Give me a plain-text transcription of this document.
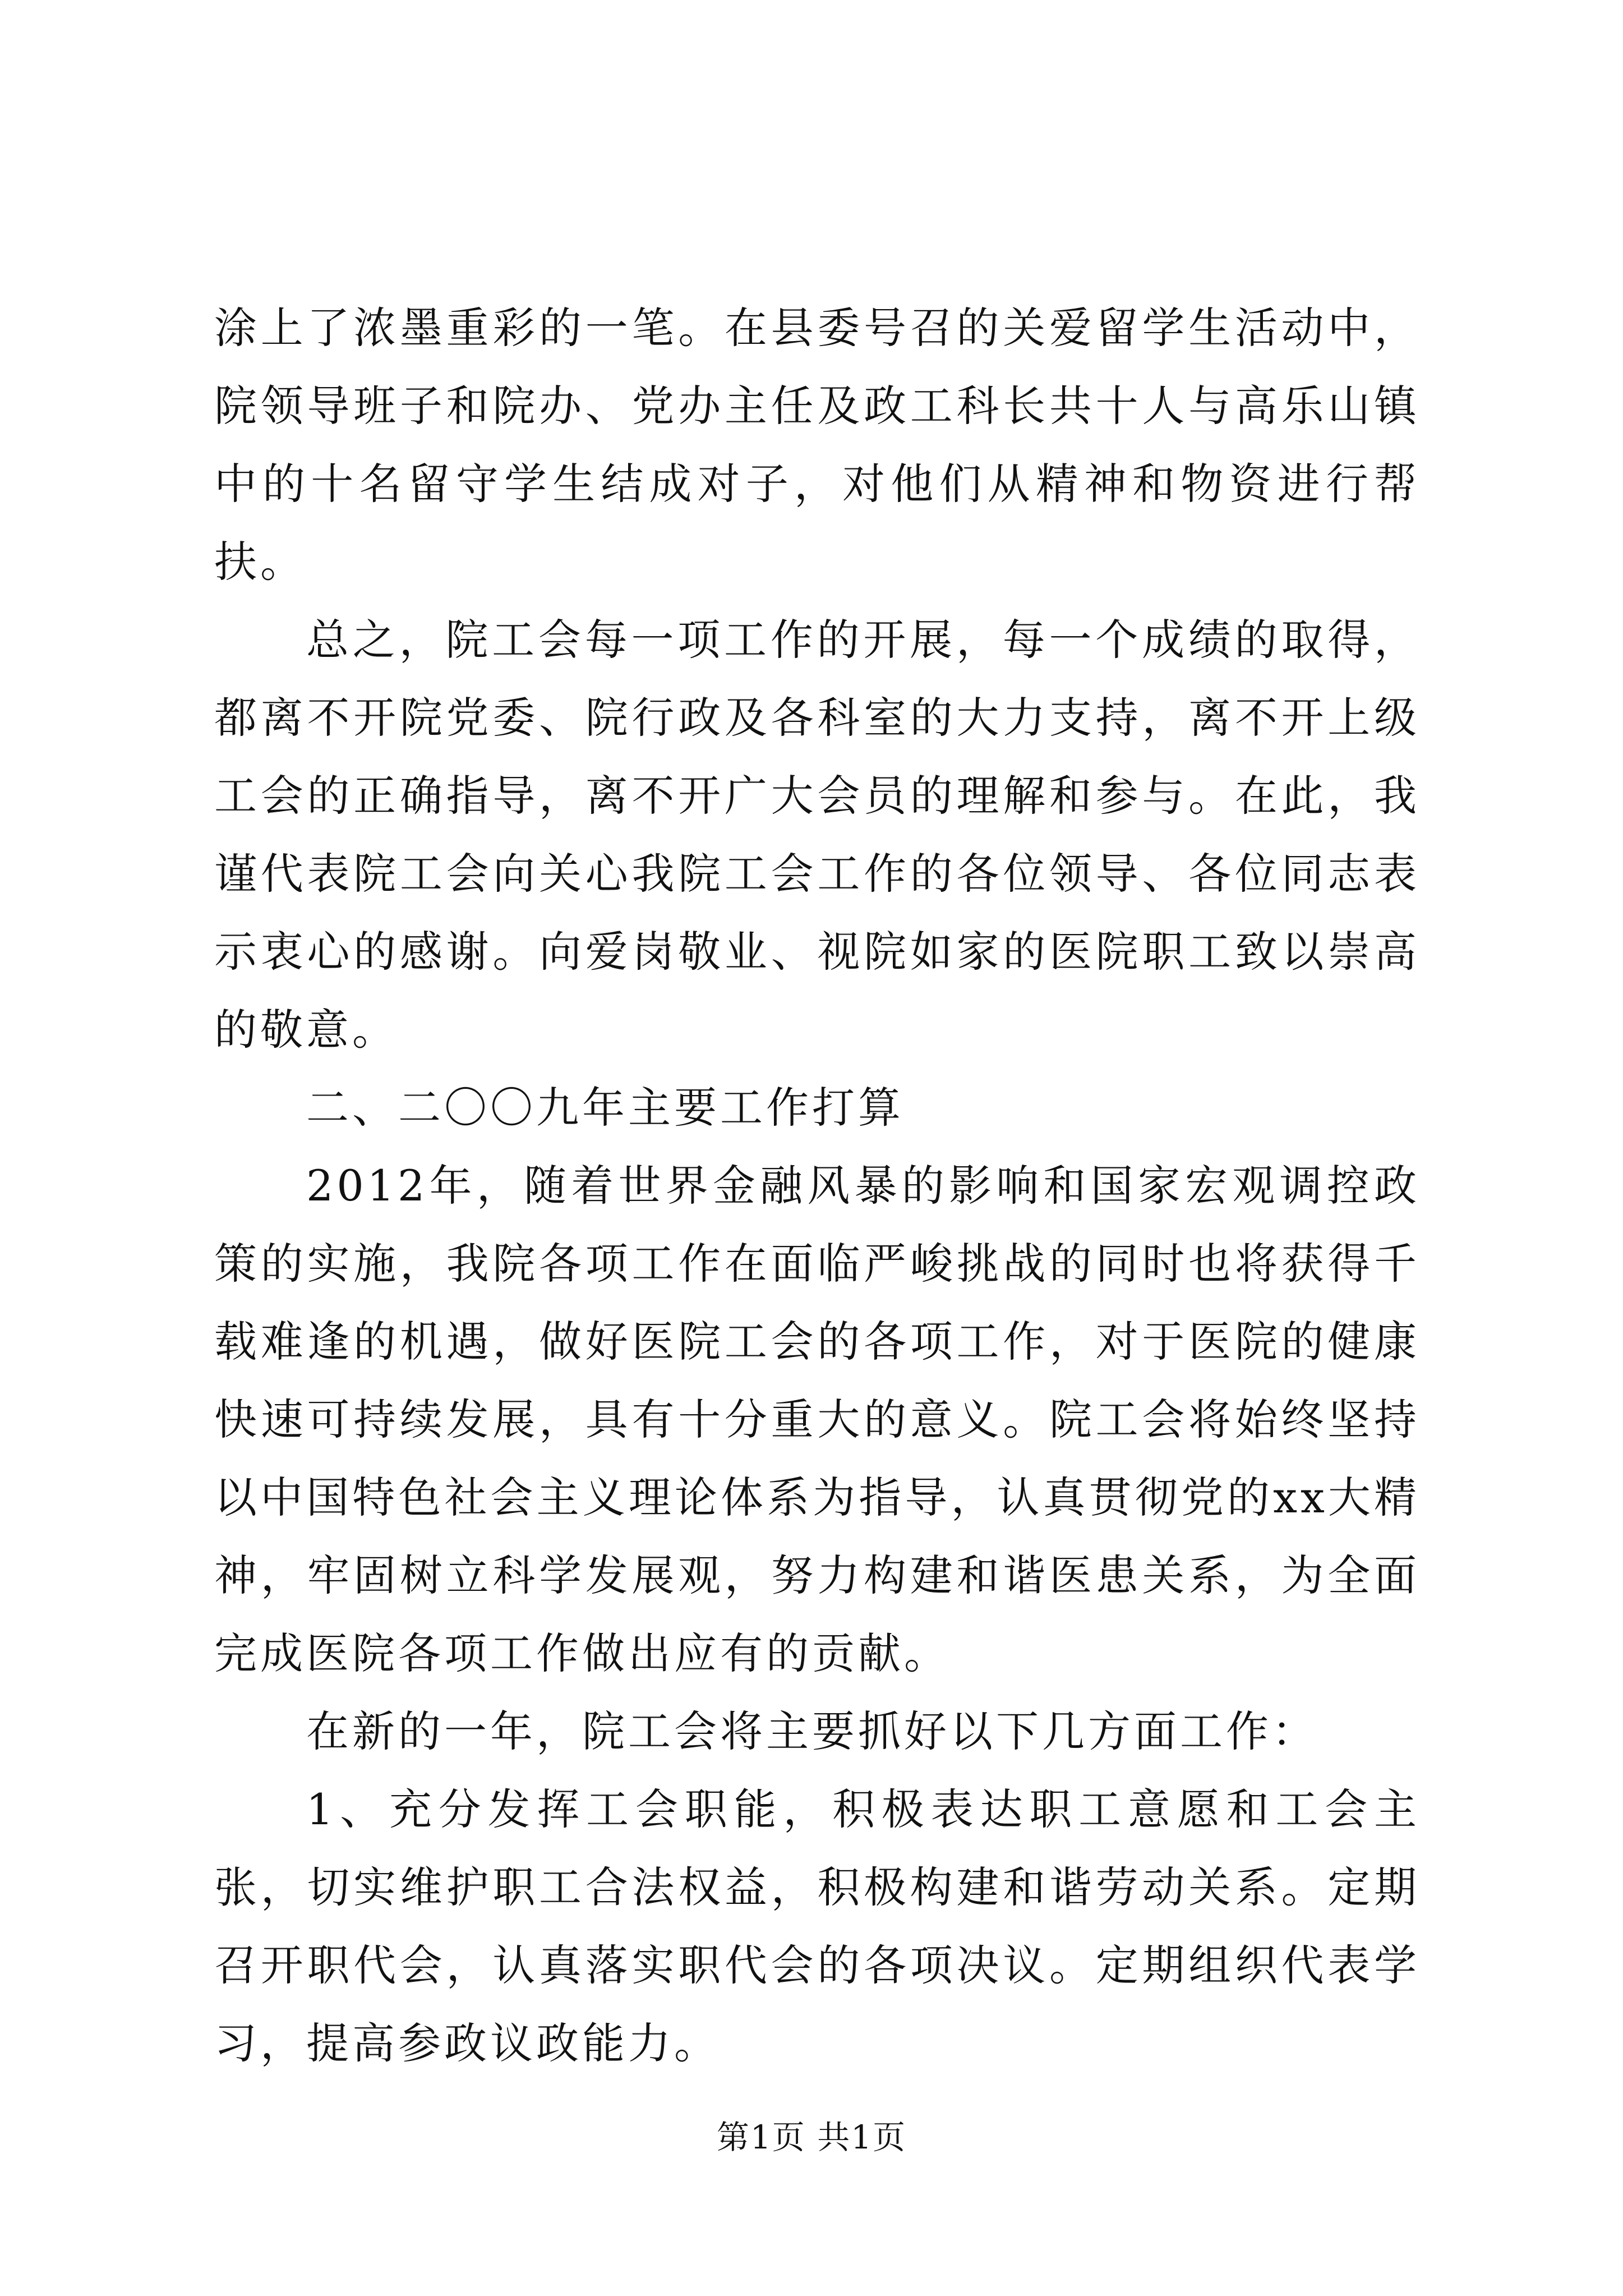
涂上了浓墨重彩的一笔。在县委号召的关爱留学生活动中，院领导班子和院办、党办主任及政工科长共十人与高乐山镇中的十名留守学生结成对子，对他们从精神和物资进行帮扶。

总之，院工会每一项工作的开展，每一个成绩的取得，都离不开院党委、院行政及各科室的大力支持，离不开上级工会的正确指导，离不开广大会员的理解和参与。在此，我谨代表院工会向关心我院工会工作的各位领导、各位同志表示衷心的感谢。向爱岗敬业、视院如家的医院职工致以崇高的敬意。

二、二〇〇九年主要工作打算

2012年，随着世界金融风暴的影响和国家宏观调控政策的实施，我院各项工作在面临严峻挑战的同时也将获得千载难逢的机遇，做好医院工会的各项工作，对于医院的健康快速可持续发展，具有十分重大的意义。院工会将始终坚持以中国特色社会主义理论体系为指导，认真贯彻党的xx大精神，牢固树立科学发展观，努力构建和谐医患关系，为全面完成医院各项工作做出应有的贡献。

在新的一年，院工会将主要抓好以下几方面工作：

1、充分发挥工会职能，积极表达职工意愿和工会主张，切实维护职工合法权益，积极构建和谐劳动关系。定期召开职代会，认真落实职代会的各项决议。定期组织代表学习，提高参政议政能力。

第1页 共1页
